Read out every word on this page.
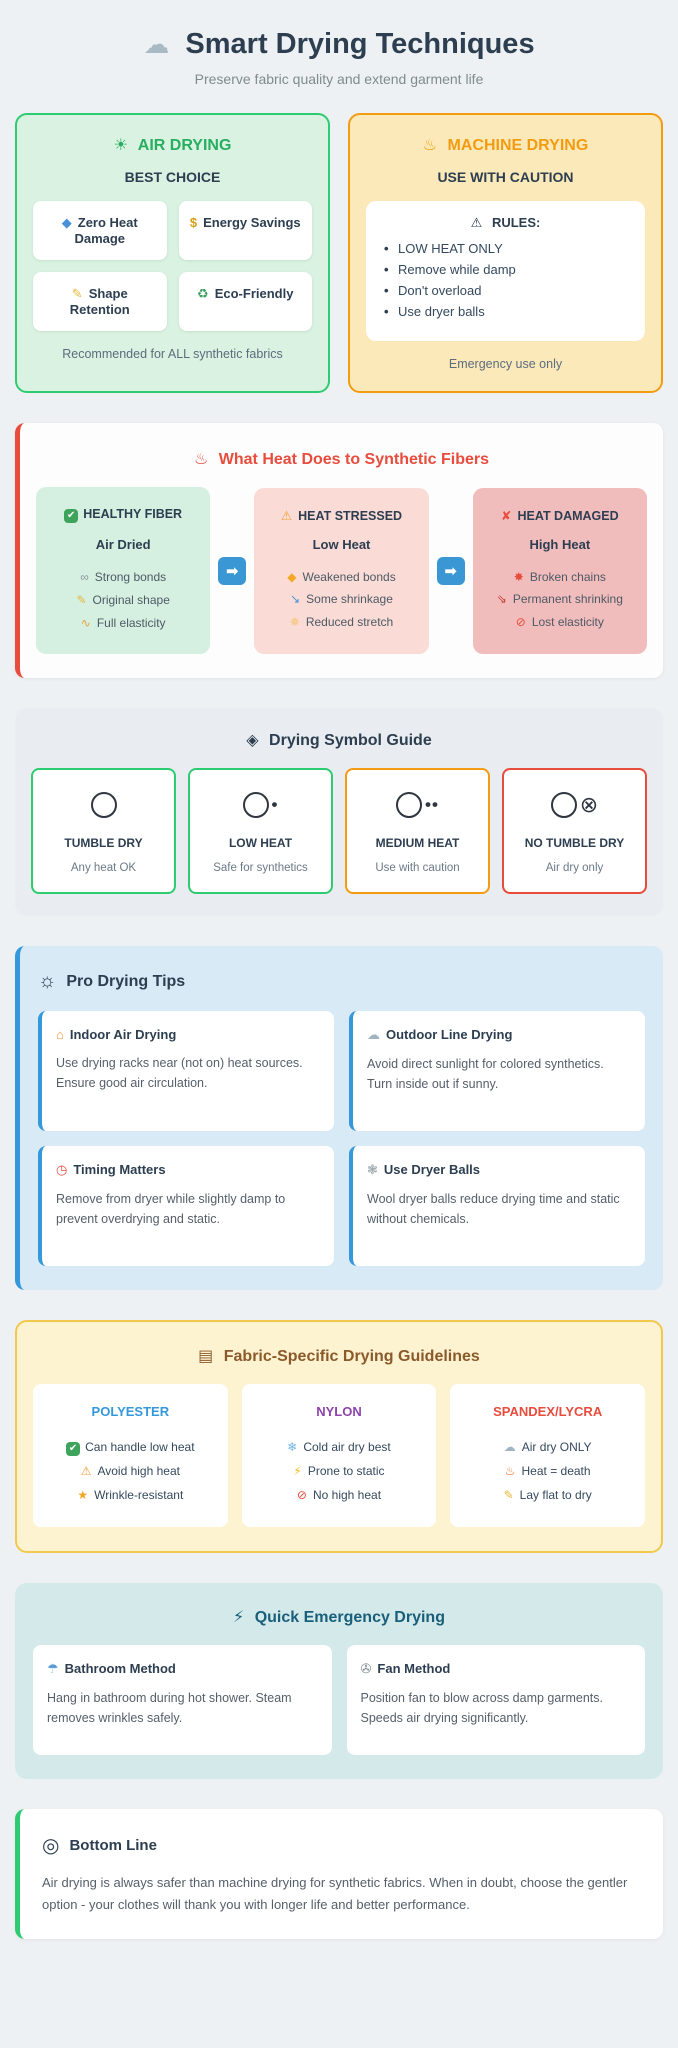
☁ Smart Drying Techniques
Preserve fabric quality and extend garment life
☀ AIR DRYING
BEST CHOICE
◆ Zero Heat Damage
$ Energy Savings
✎ Shape Retention
♻ Eco-Friendly
Recommended for ALL synthetic fabrics
♨ MACHINE DRYING
USE WITH CAUTION
⚠ RULES:
• LOW HEAT ONLY
• Remove while damp
• Don't overload
• Use dryer balls
Emergency use only
♨ What Heat Does to Synthetic Fibers
✔ HEALTHY FIBER
Air Dried
∞ Strong bonds
✎ Original shape
∿ Full elasticity
➡
⚠ HEAT STRESSED
Low Heat
◆ Weakened bonds
↘ Some shrinkage
✵ Reduced stretch
➡
✘ HEAT DAMAGED
High Heat
✸ Broken chains
⇘ Permanent shrinking
⊘ Lost elasticity
◈ Drying Symbol Guide
TUMBLE DRY
Any heat OK
•
LOW HEAT
Safe for synthetics
••
MEDIUM HEAT
Use with caution
⊗
NO TUMBLE DRY
Air dry only
☼ Pro Drying Tips
⌂ Indoor Air Drying
Use drying racks near (not on) heat sources. Ensure good air circulation.
☁ Outdoor Line Drying
Avoid direct sunlight for colored synthetics. Turn inside out if sunny.
◷ Timing Matters
Remove from dryer while slightly damp to prevent overdrying and static.
❃ Use Dryer Balls
Wool dryer balls reduce drying time and static without chemicals.
▤ Fabric-Specific Drying Guidelines
POLYESTER
✔ Can handle low heat
⚠ Avoid high heat
★ Wrinkle-resistant
NYLON
❄ Cold air dry best
⚡ Prone to static
⊘ No high heat
SPANDEX/LYCRA
☁ Air dry ONLY
♨ Heat = death
✎ Lay flat to dry
⚡ Quick Emergency Drying
☂ Bathroom Method
Hang in bathroom during hot shower. Steam removes wrinkles safely.
✇ Fan Method
Position fan to blow across damp garments. Speeds air drying significantly.
◎ Bottom Line
Air drying is always safer than machine drying for synthetic fabrics. When in doubt, choose the gentler option - your clothes will thank you with longer life and better performance.
